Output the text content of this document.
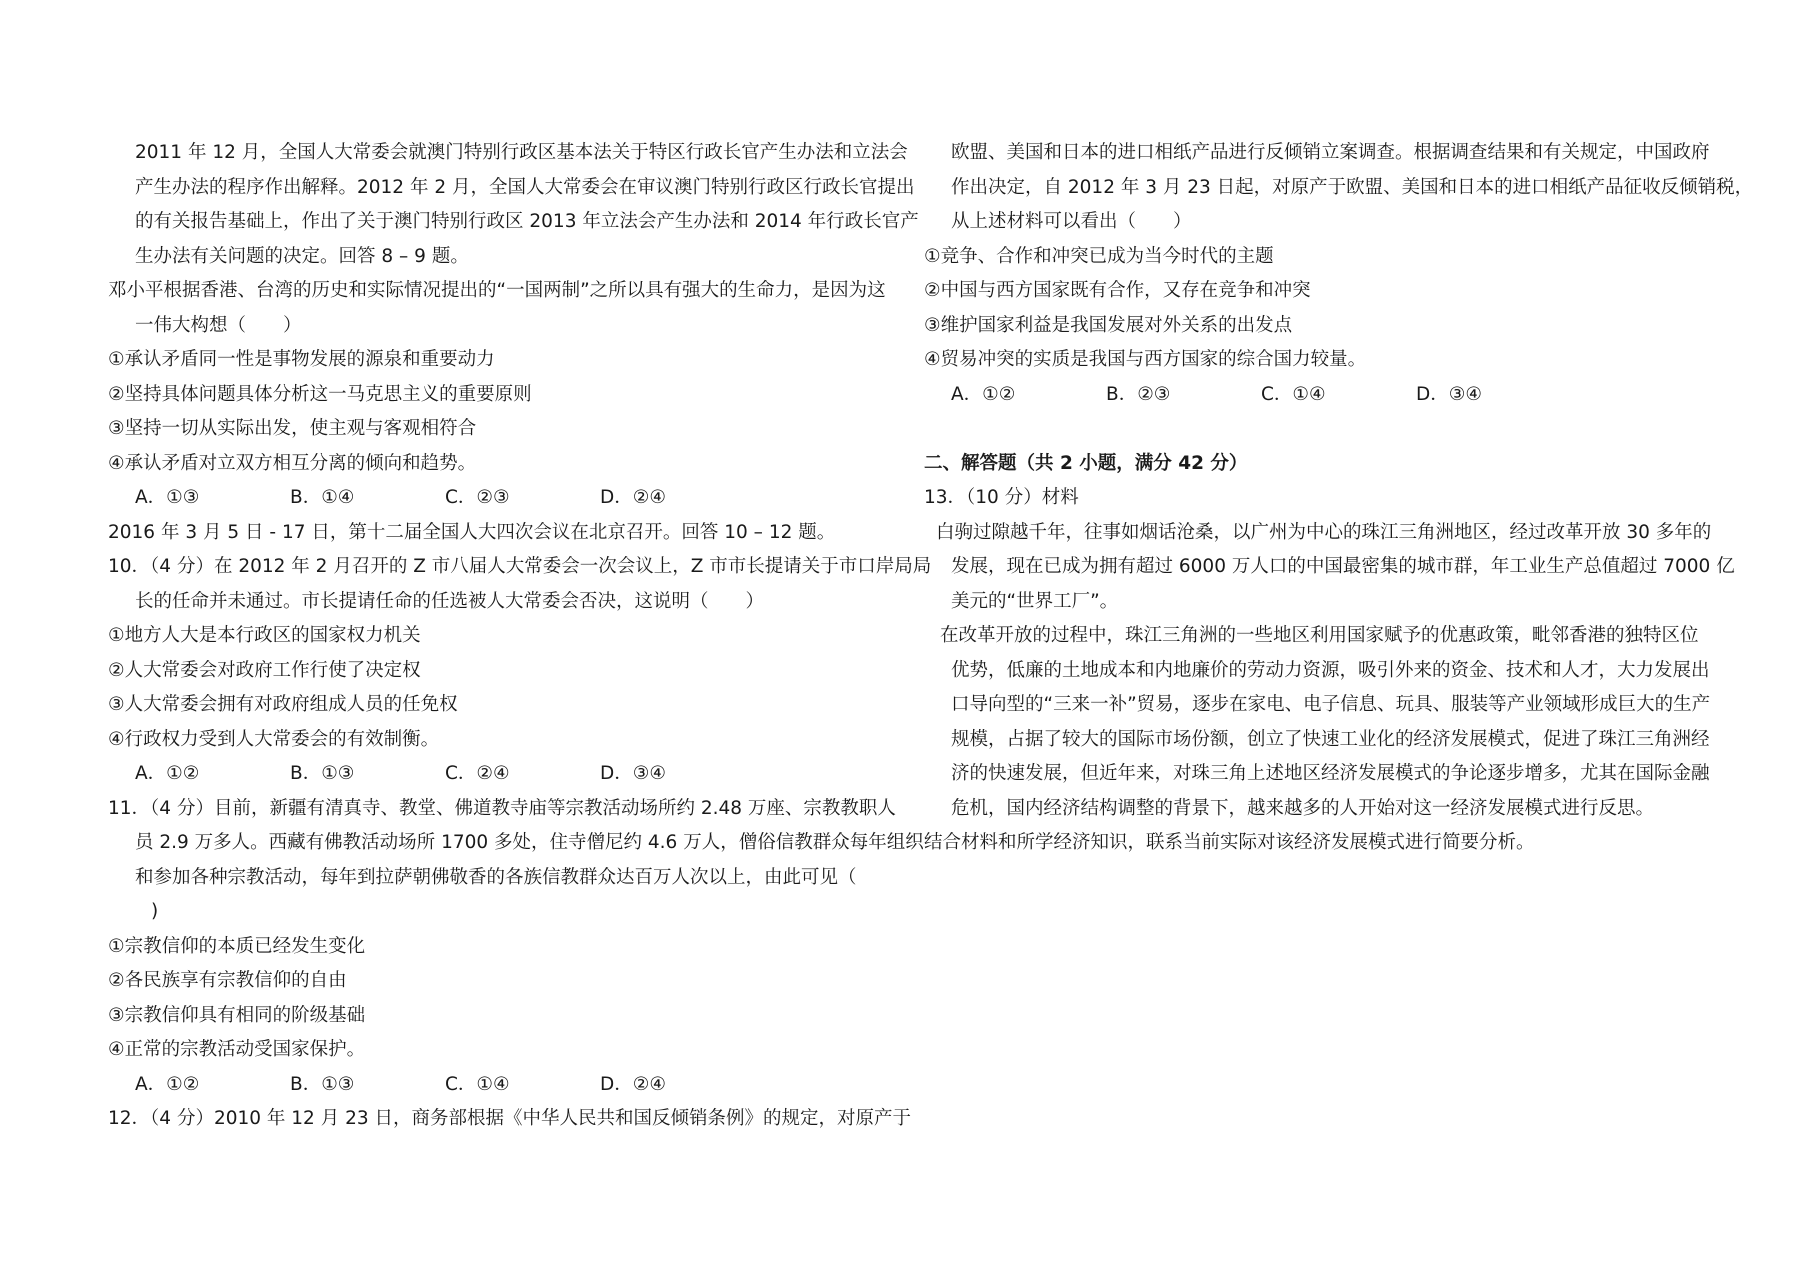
2011 年 12 月，全国人大常委会就澳门特别行政区基本法关于特区行政长官产生办法和立法会
产生办法的程序作出解释。2012 年 2 月，全国人大常委会在审议澳门特别行政区行政长官提出
的有关报告基础上，作出了关于澳门特别行政区 2013 年立法会产生办法和 2014 年行政长官产
生办法有关问题的决定。回答 8 – 9 题。
邓小平根据香港、台湾的历史和实际情况提出的“一国两制”之所以具有强大的生命力，是因为这
一伟大构想（　　）
①承认矛盾同一性是事物发展的源泉和重要动力
②坚持具体问题具体分析这一马克思主义的重要原则
③坚持一切从实际出发，使主观与客观相符合
④承认矛盾对立双方相互分离的倾向和趋势。
A．①③	B．①④	C．②③	D．②④
2016 年 3 月 5 日 - 17 日，第十二届全国人大四次会议在北京召开。回答 10 – 12 题。
10．（4 分）在 2012 年 2 月召开的 Z 市八届人大常委会一次会议上，Z 市市长提请关于市口岸局局
长的任命并未通过。市长提请任命的任选被人大常委会否决，这说明（　　）
①地方人大是本行政区的国家权力机关
②人大常委会对政府工作行使了决定权
③人大常委会拥有对政府组成人员的任免权
④行政权力受到人大常委会的有效制衡。
A．①②	B．①③	C．②④	D．③④
11．（4 分）目前，新疆有清真寺、教堂、佛道教寺庙等宗教活动场所约 2.48 万座、宗教教职人
员 2.9 万多人。西藏有佛教活动场所 1700 多处，住寺僧尼约 4.6 万人，僧俗信教群众每年组织
和参加各种宗教活动，每年到拉萨朝佛敬香的各族信教群众达百万人次以上，由此可见（
)
①宗教信仰的本质已经发生变化
②各民族享有宗教信仰的自由
③宗教信仰具有相同的阶级基础
④正常的宗教活动受国家保护。
A．①②	B．①③	C．①④	D．②④
12．（4 分）2010 年 12 月 23 日，商务部根据《中华人民共和国反倾销条例》的规定，对原产于
欧盟、美国和日本的进口相纸产品进行反倾销立案调查。根据调查结果和有关规定，中国政府
作出决定，自 2012 年 3 月 23 日起，对原产于欧盟、美国和日本的进口相纸产品征收反倾销税，
从上述材料可以看出（　　）
①竞争、合作和冲突已成为当今时代的主题
②中国与西方国家既有合作，又存在竞争和冲突
③维护国家利益是我国发展对外关系的出发点
④贸易冲突的实质是我国与西方国家的综合国力较量。
A．①②	B．②③	C．①④	D．③④
二、解答题（共 2 小题，满分 42 分）
13．（10 分）材料
白驹过隙越千年，往事如烟话沧桑，以广州为中心的珠江三角洲地区，经过改革开放 30 多年的
发展，现在已成为拥有超过 6000 万人口的中国最密集的城市群，年工业生产总值超过 7000 亿
美元的“世界工厂”。
在改革开放的过程中，珠江三角洲的一些地区利用国家赋予的优惠政策，毗邻香港的独特区位
优势，低廉的土地成本和内地廉价的劳动力资源，吸引外来的资金、技术和人才，大力发展出
口导向型的“三来一补”贸易，逐步在家电、电子信息、玩具、服装等产业领域形成巨大的生产
规模，占据了较大的国际市场份额，创立了快速工业化的经济发展模式，促进了珠江三角洲经
济的快速发展，但近年来，对珠三角上述地区经济发展模式的争论逐步增多，尤其在国际金融
危机，国内经济结构调整的背景下，越来越多的人开始对这一经济发展模式进行反思。
结合材料和所学经济知识，联系当前实际对该经济发展模式进行简要分析。
